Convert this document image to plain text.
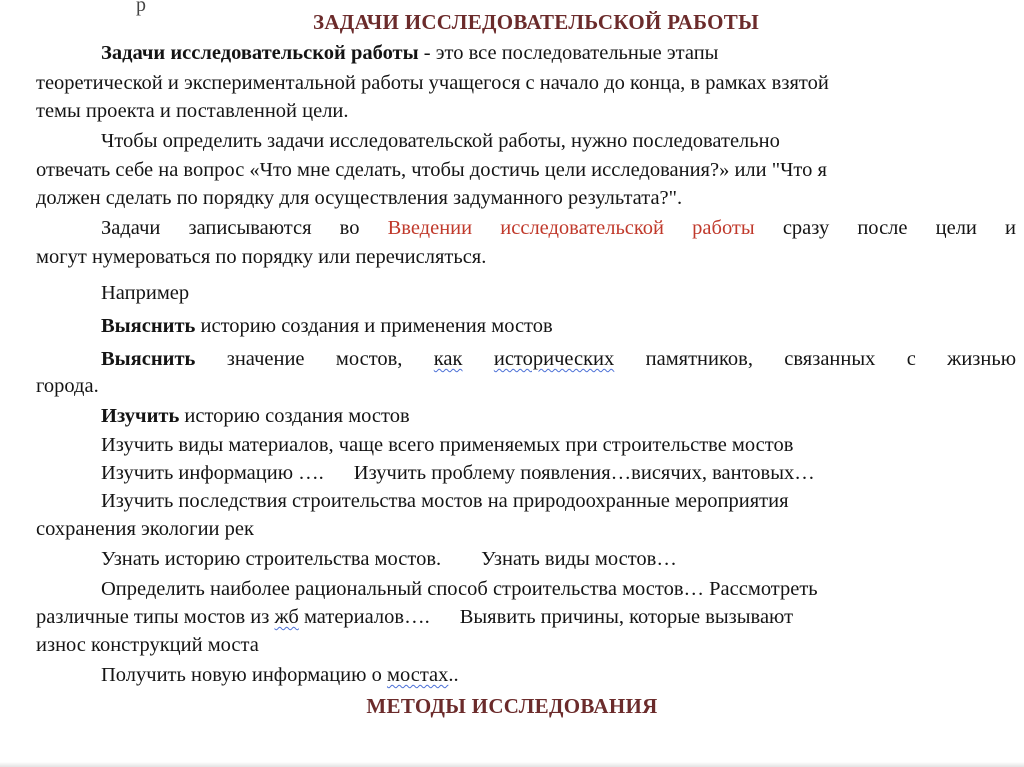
р
ЗАДАЧИ ИССЛЕДОВАТЕЛЬСКОЙ РАБОТЫ
Задачи исследовательской работы - это все последовательные этапы
теоретической и экспериментальной работы учащегося с начало до конца, в рамках взятой
темы проекта и поставленной цели.
Чтобы определить задачи исследовательской работы, нужно последовательно
отвечать себе на вопрос «Что мне сделать, чтобы достичь цели исследования?» или "Что я
должен сделать по порядку для осуществления задуманного результата?".
Задачи записываются во Введении исследовательской работы сразу после цели и
могут нумероваться по порядку или перечисляться.
Например
Выяснить историю создания и применения мостов
Выяснить значение мостов, как исторических памятников, связанных с жизнью
города.
Изучить историю создания мостов
Изучить виды материалов, чаще всего применяемых при строительстве мостов
Изучить информацию …. Изучить проблему появления…висячих, вантовых…
Изучить последствия строительства мостов на природоохранные мероприятия
сохранения экологии рек
Узнать историю строительства мостов. Узнать виды мостов…
Определить наиболее рациональный способ строительства мостов… Рассмотреть
различные типы мостов из жб материалов…. Выявить причины, которые вызывают
износ конструкций моста
Получить новую информацию о мостах..
МЕТОДЫ ИССЛЕДОВАНИЯ
